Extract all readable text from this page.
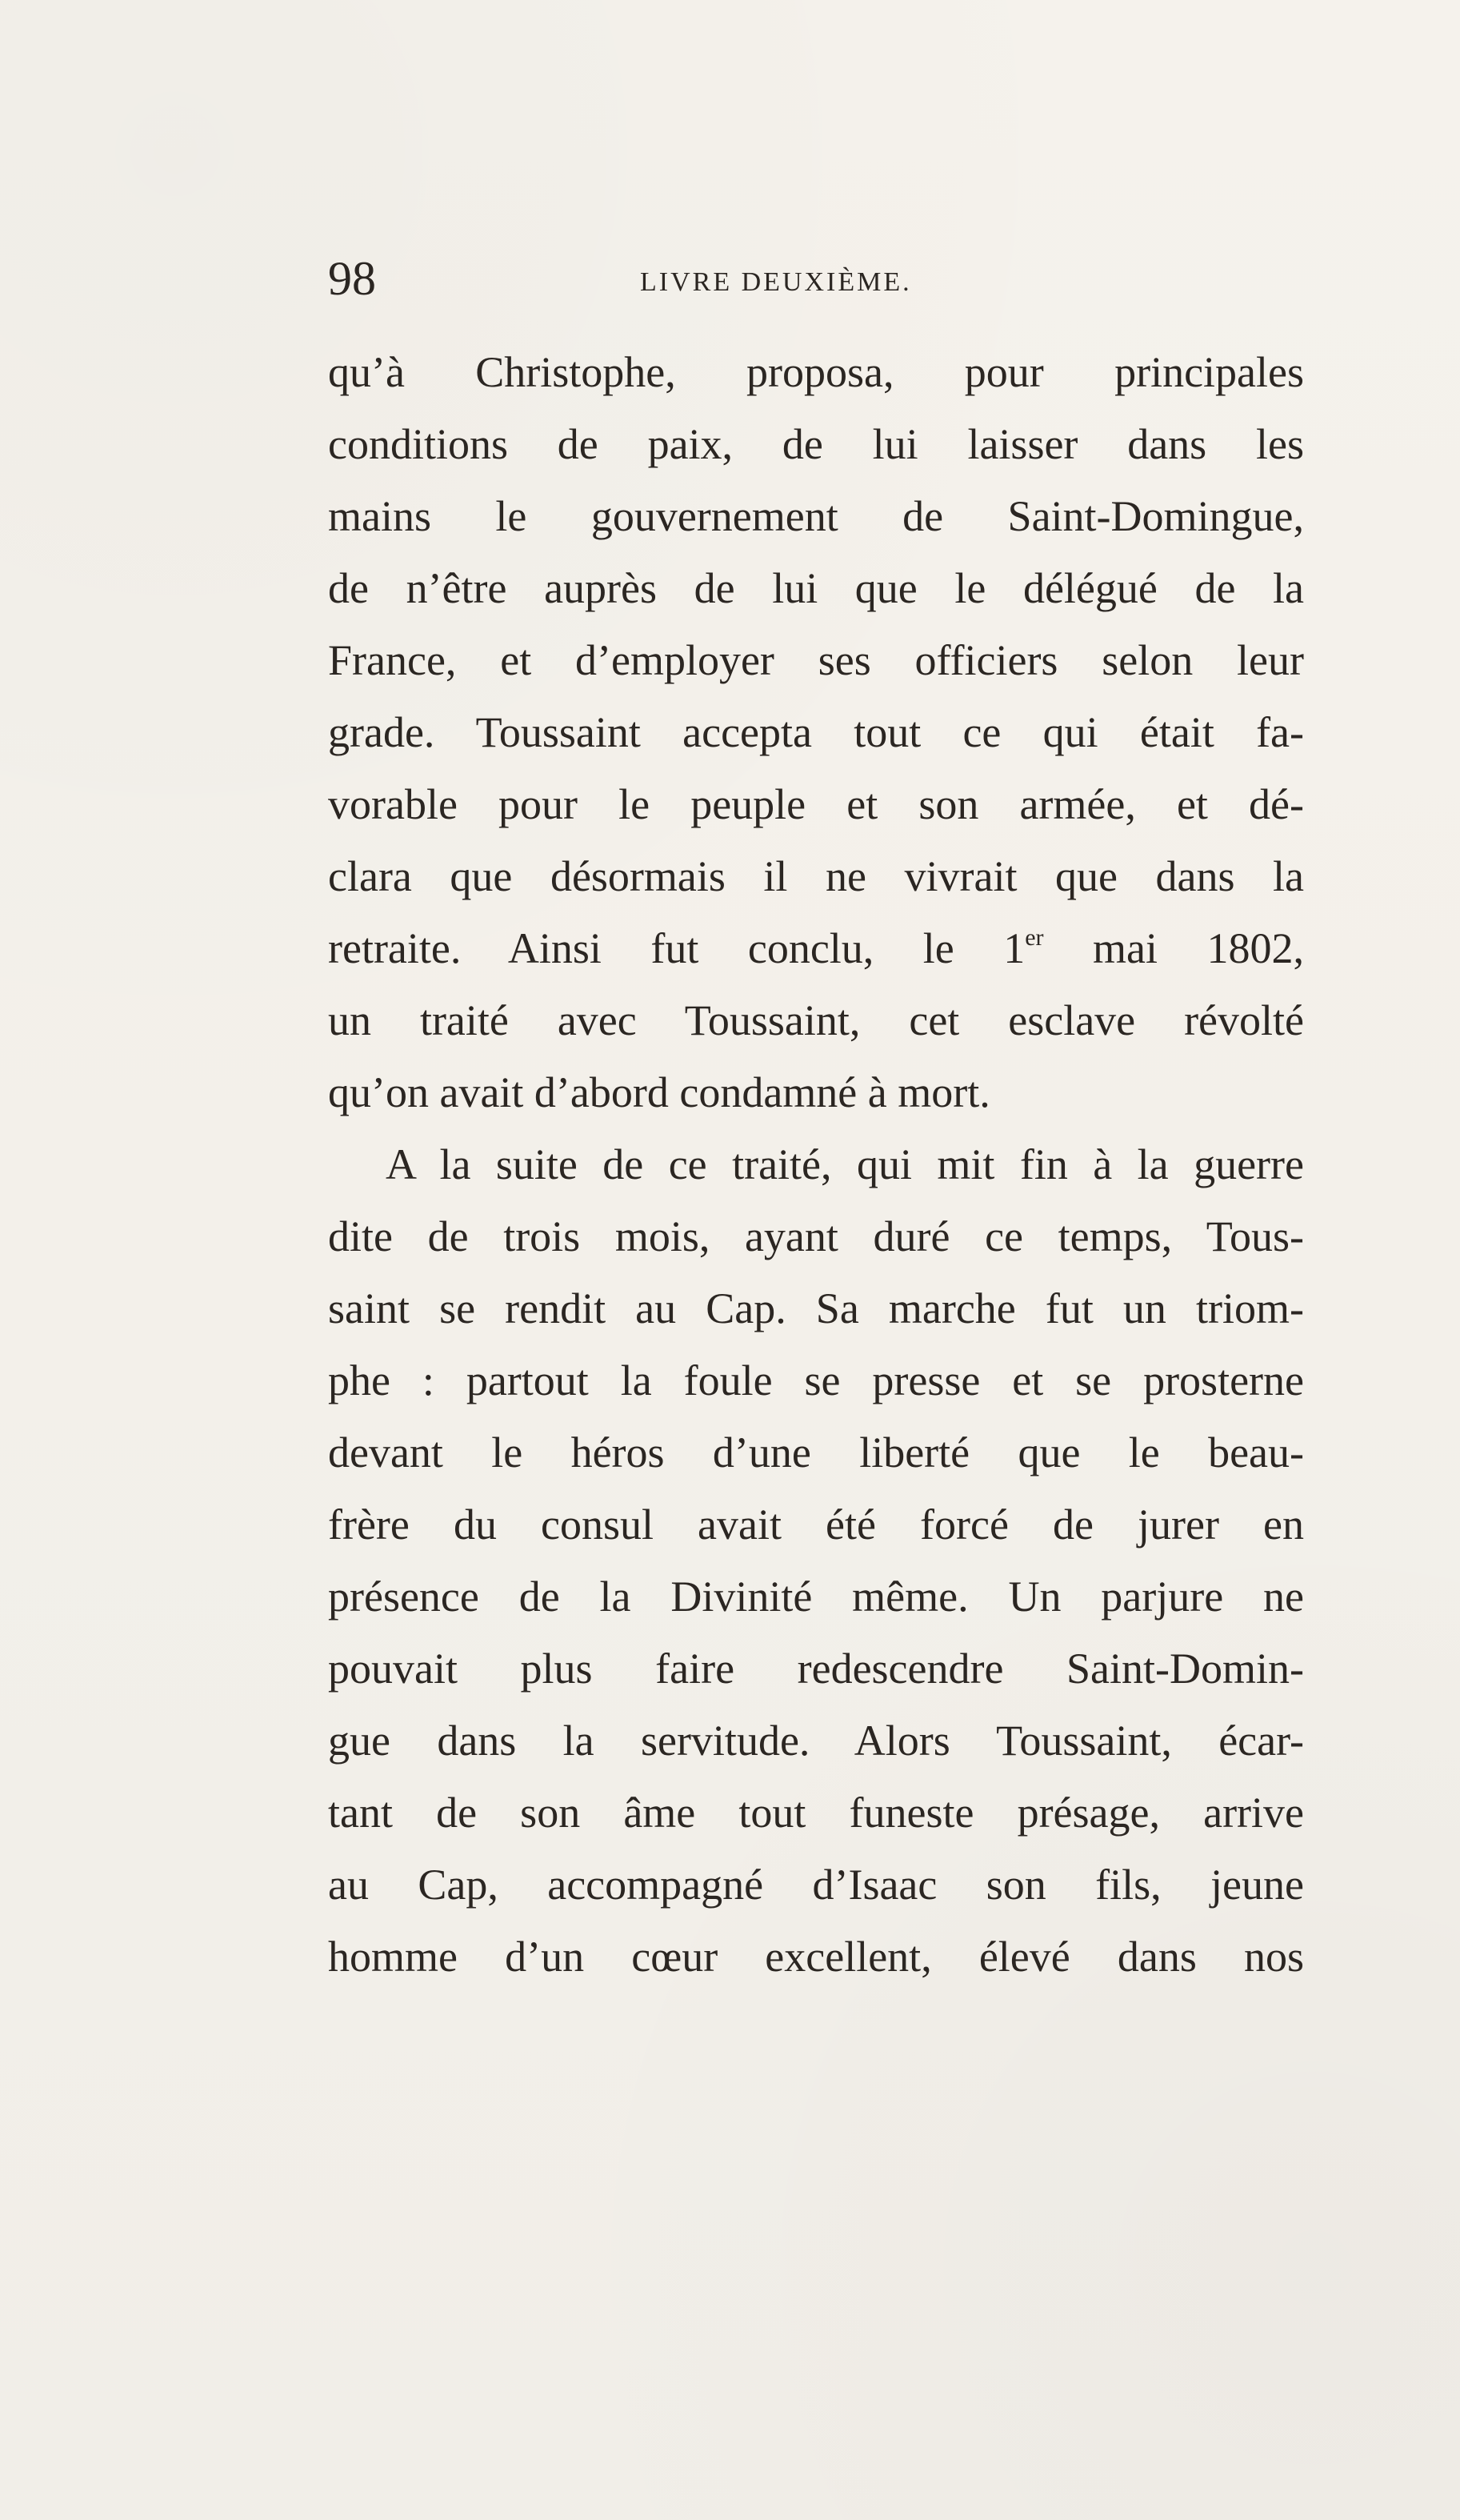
98	LIVRE DEUXIÈME.
qu’à Christophe, proposa, pour principales
conditions de paix, de lui laisser dans les
mains le gouvernement de Saint-Domingue,
de n’être auprès de lui que le délégué de la
France, et d’employer ses officiers selon leur
grade. Toussaint accepta tout ce qui était fa-
vorable pour le peuple et son armée, et dé-
clara que désormais il ne vivrait que dans la
retraite. Ainsi fut conclu, le 1er mai 1802,
un traité avec Toussaint, cet esclave révolté
qu’on avait d’abord condamné à mort.
A la suite de ce traité, qui mit fin à la guerre
dite de trois mois, ayant duré ce temps, Tous-
saint se rendit au Cap. Sa marche fut un triom-
phe : partout la foule se presse et se prosterne
devant le héros d’une liberté que le beau-
frère du consul avait été forcé de jurer en
présence de la Divinité même. Un parjure ne
pouvait plus faire redescendre Saint-Domin-
gue dans la servitude. Alors Toussaint, écar-
tant de son âme tout funeste présage, arrive
au Cap, accompagné d’Isaac son fils, jeune
homme d’un cœur excellent, élevé dans nos
